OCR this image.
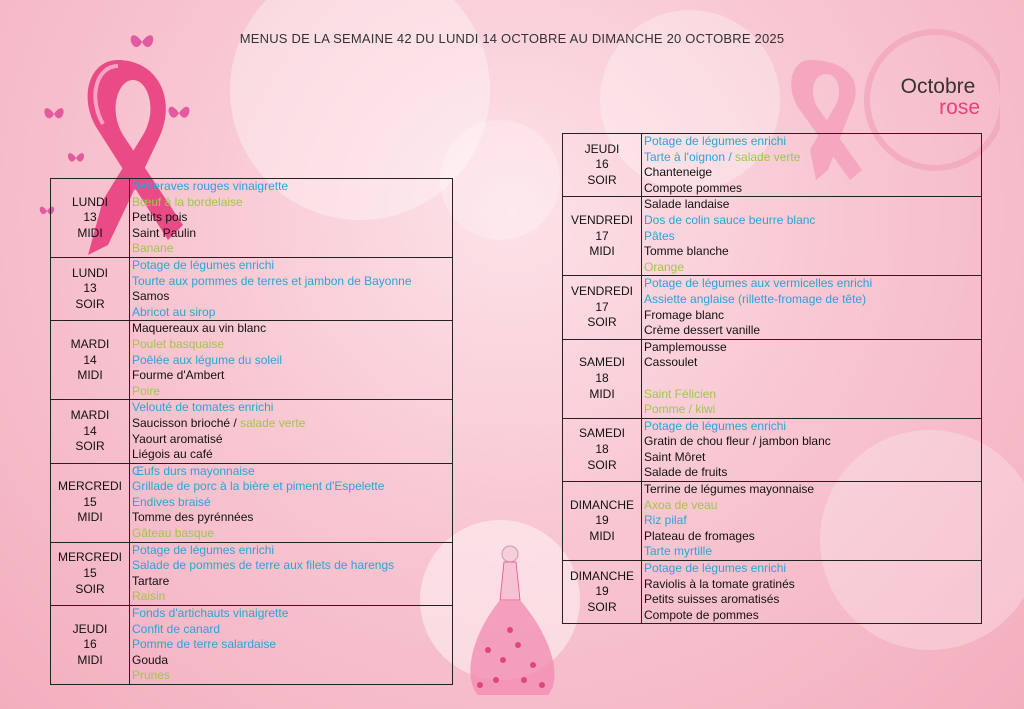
MENUS DE LA SEMAINE 42 DU LUNDI 14 OCTOBRE AU DIMANCHE 20 OCTOBRE 2025
Octobre
rose
LUNDI
13
MIDI	Betteraves rouges vinaigrette
Bœuf à la bordelaise
Petits pois
Saint Paulin
Banane

LUNDI
13
SOIR	Potage de légumes enrichi
Tourte aux pommes de terres et jambon de Bayonne
Samos
Abricot au sirop

MARDI
14
MIDI	Maquereaux au vin blanc
Poulet basquaise
Poêlée aux légume du soleil
Fourme d'Ambert
Poire

MARDI
14
SOIR	Velouté de tomates enrichi
Saucisson brioché / salade verte
Yaourt aromatisé
Liégois au café

MERCREDI
15
MIDI	Œufs durs mayonnaise
Grillade de porc à la bière et piment d'Espelette
Endives braisé
Tomme des pyrénnées
Gâteau basque

MERCREDI
15
SOIR	Potage de légumes enrichi
Salade de pommes de terre aux filets de harengs
Tartare
Raisin

JEUDI
16
MIDI	Fonds d'artichauts vinaigrette
Confit de canard
Pomme de terre salardaise
Gouda
Prunes
JEUDI
16
SOIR	Potage de légumes enrichi
Tarte à l'oignon / salade verte
Chanteneige
Compote pommes

VENDREDI
17
MIDI	Salade landaise
Dos de colin sauce beurre blanc
Pâtes
Tomme blanche
Orange

VENDREDI
17
SOIR	Potage de légumes aux vermicelles enrichi
Assiette anglaise (rillette-fromage de tête)
Fromage blanc
Crème dessert vanille

SAMEDI
18
MIDI	Pamplemousse
Cassoulet
Saint Félicien
Pomme / kiwi

SAMEDI
18
SOIR	Potage de légumes enrichi
Gratin de chou fleur / jambon blanc
Saint Môret
Salade de fruits

DIMANCHE
19
MIDI	Terrine de légumes mayonnaise
Axoa de veau
Riz pilaf
Plateau de fromages
Tarte myrtille

DIMANCHE
19
SOIR	Potage de légumes enrichi
Raviolis à la tomate gratinés
Petits suisses aromatisés
Compote de pommes
